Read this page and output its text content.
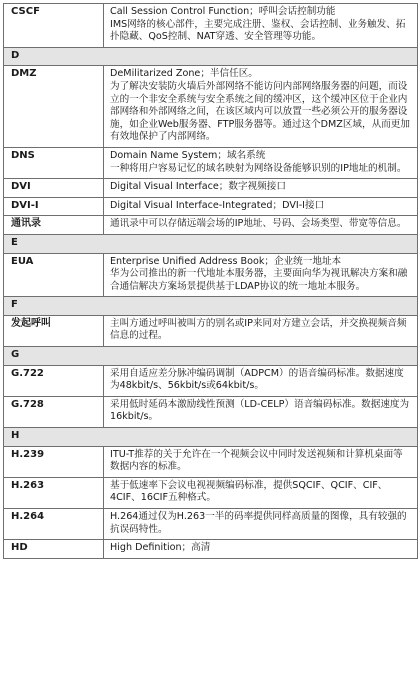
CSCF	Call Session Control Function；呼叫会话控制功能
IMS网络的核心部件，主要完成注册、鉴权、会话控制、业务触发、拓扑隐藏、QoS控制、NAT穿透、安全管理等功能。

D	
DMZ	DeMilitarized Zone；半信任区。
为了解决安装防火墙后外部网络不能访问内部网络服务器的问题，而设立的一个非安全系统与安全系统之间的缓冲区，这个缓冲区位于企业内部网络和外部网络之间，在该区域内可以放置一些必须公开的服务器设施，如企业Web服务器、FTP服务器等。通过这个DMZ区域，从而更加有效地保护了内部网络。

DNS	Domain Name System；域名系统
一种将用户容易记忆的域名映射为网络设备能够识别的IP地址的机制。

DVI	Digital Visual Interface；数字视频接口

DVI-I	Digital Visual Interface-Integrated；DVI-I接口

通讯录	通讯录中可以存储远端会场的IP地址、号码、会场类型、带宽等信息。

E	
EUA	Enterprise Unified Address Book；企业统一地址本
华为公司推出的新一代地址本服务器，主要面向华为视讯解决方案和融合通信解决方案场景提供基于LDAP协议的统一地址本服务。

F	
发起呼叫	主叫方通过呼叫被叫方的别名或IP来同对方建立会话，并交换视频音频信息的过程。

G	
G.722	采用自适应差分脉冲编码调制（ADPCM）的语音编码标准。数据速度为48kbit/s、56kbit/s或64kbit/s。

G.728	采用低时延码本激励线性预测（LD-CELP）语音编码标准。数据速度为16kbit/s。

H	
H.239	ITU-T推荐的关于允许在一个视频会议中同时发送视频和计算机桌面等数据内容的标准。

H.263	基于低速率下会议电视视频编码标准，提供SQCIF、QCIF、CIF、4CIF、16CIF五种格式。

H.264	H.264通过仅为H.263一半的码率提供同样高质量的图像，具有较强的抗误码特性。

HD	High Definition；高清
